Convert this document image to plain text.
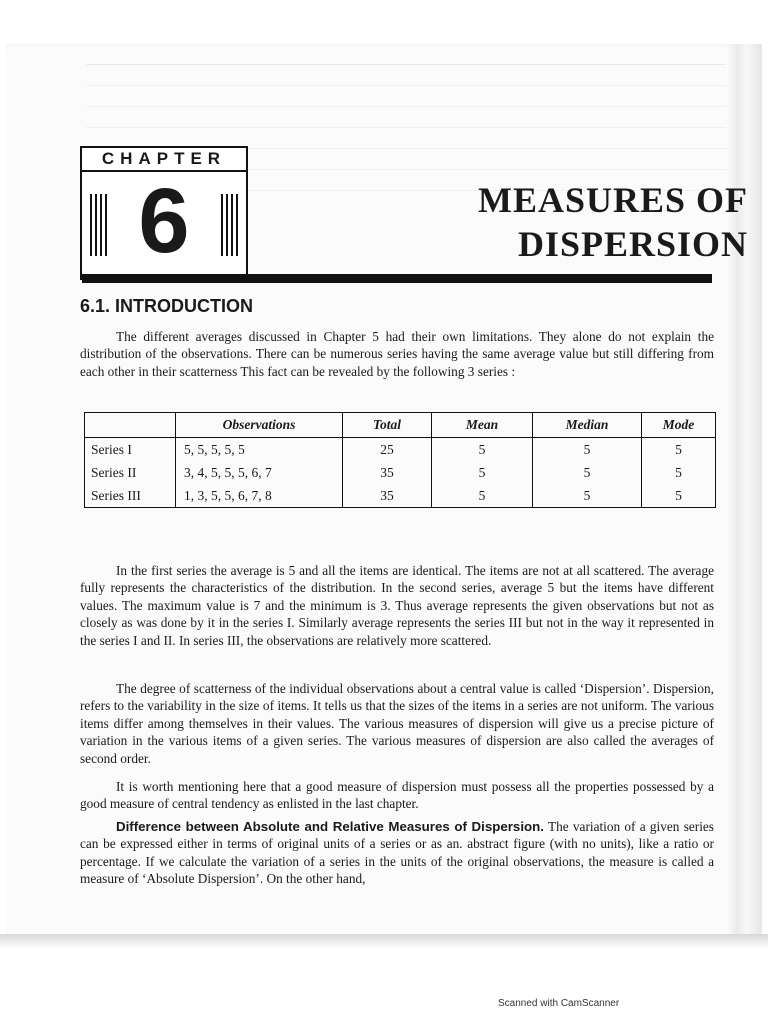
CHAPTER
6	MEASURES OF
DISPERSION
6.1. INTRODUCTION

The different averages discussed in Chapter 5 had their own limitations. They alone do not explain the distribution of the observations. There can be numerous series having the same average value but still differing from each other in their scatterness This fact can be revealed by the following 3 series :

	Observations	Total	Mean	Median	Mode
Series I	5, 5, 5, 5, 5	25	5	5	5
Series II	3, 4, 5, 5, 5, 6, 7	35	5	5	5
Series III	1, 3, 5, 5, 6, 7, 8	35	5	5	5

In the first series the average is 5 and all the items are identical. The items are not at all scattered. The average fully represents the characteristics of the distribution. In the second series, average 5 but the items have different values. The maximum value is 7 and the minimum is 3. Thus average represents the given observations but not as closely as was done by it in the series I. Similarly average represents the series III but not in the way it represented in the series I and II. In series III, the observations are relatively more scattered.

The degree of scatterness of the individual observations about a central value is called ‘Dispersion’. Dispersion, refers to the variability in the size of items. It tells us that the sizes of the items in a series are not uniform. The various items differ among themselves in their values. The various measures of dispersion will give us a precise picture of variation in the various items of a given series. The various measures of dispersion are also called the averages of second order.

It is worth mentioning here that a good measure of dispersion must possess all the properties possessed by a good measure of central tendency as enlisted in the last chapter.

Difference between Absolute and Relative Measures of Dispersion. The variation of a given series can be expressed either in terms of original units of a series or as an. abstract figure (with no units), like a ratio or percentage. If we calculate the variation of a series in the units of the original observations, the measure is called a measure of ‘Absolute Dispersion’. On the other hand,

Scanned with CamScanner
